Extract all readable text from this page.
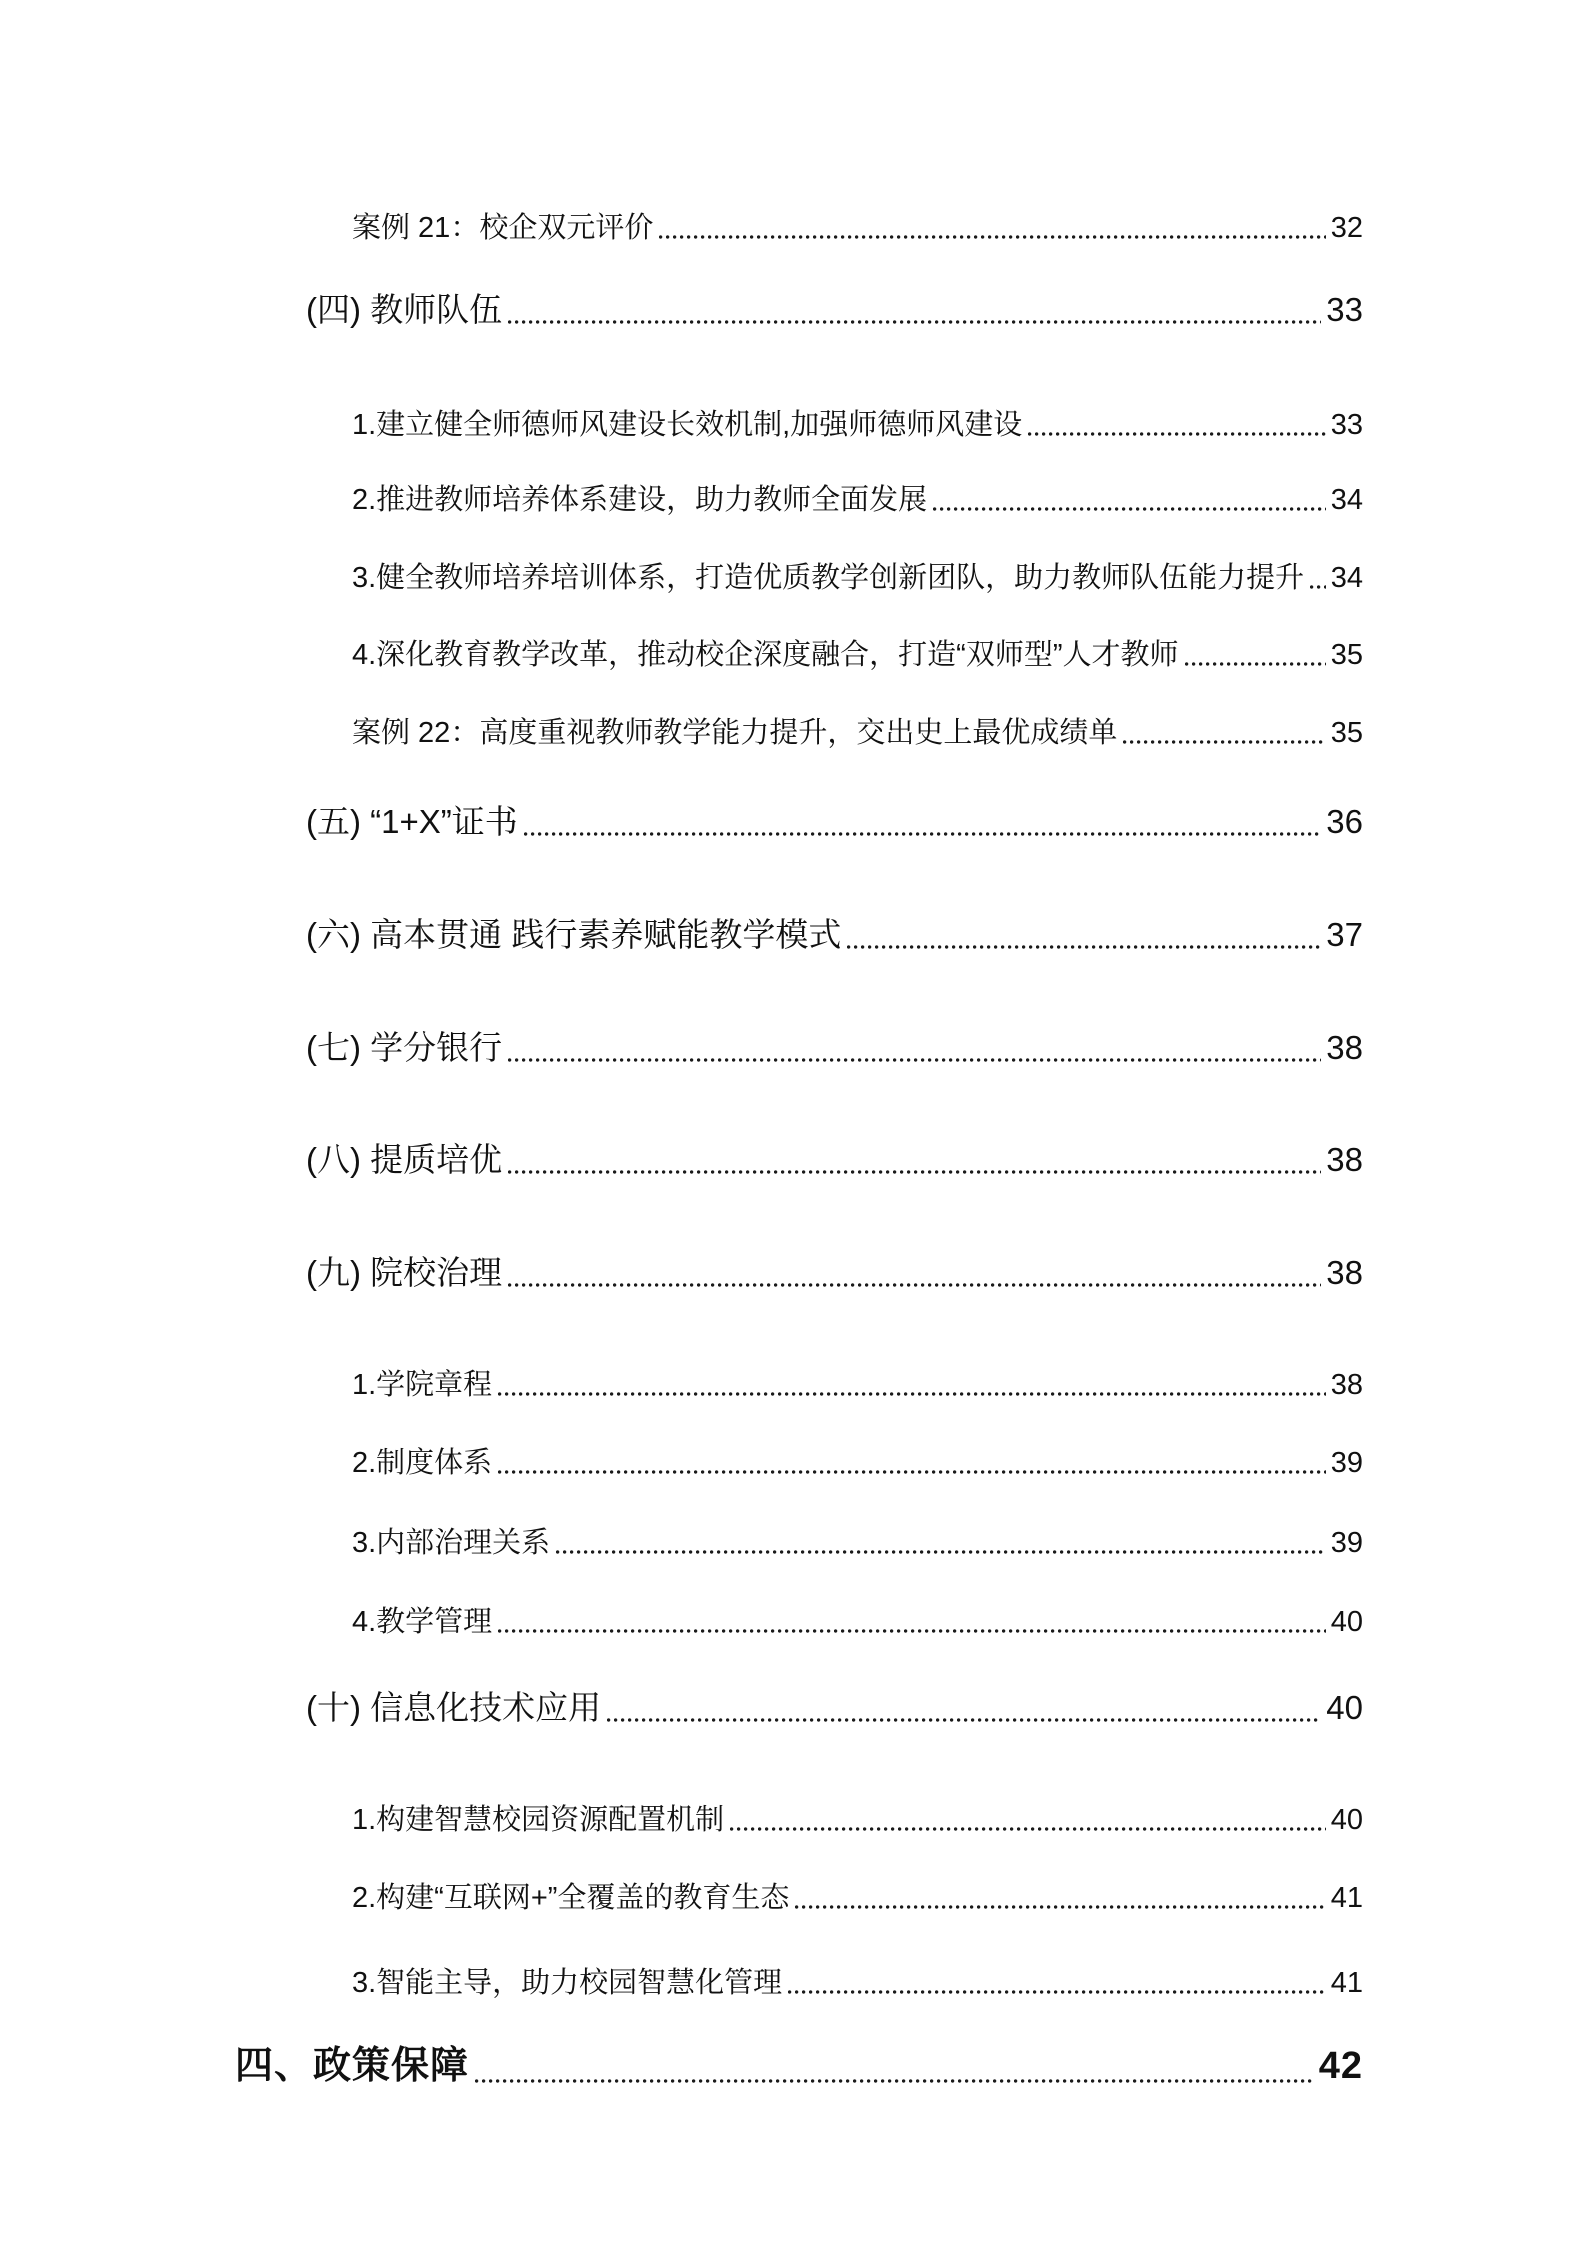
案例 21：校企双元评价	32
(四) 教师队伍	33
1.建立健全师德师风建设长效机制,加强师德师风建设	33
2.推进教师培养体系建设，助力教师全面发展	34
3.健全教师培养培训体系，打造优质教学创新团队，助力教师队伍能力提升 34
4.深化教育教学改革，推动校企深度融合，打造“双师型”人才教师	35
案例 22：高度重视教师教学能力提升，交出史上最优成绩单	35
(五) “1+X”证书	36
(六) 高本贯通 践行素养赋能教学模式	37
(七) 学分银行	38
(八) 提质培优	38
(九) 院校治理	38
1.学院章程	38
2.制度体系	39
3.内部治理关系	39
4.教学管理	40
(十) 信息化技术应用	40
1.构建智慧校园资源配置机制	40
2.构建“互联网+”全覆盖的教育生态	41
3.智能主导，助力校园智慧化管理	41
四、政策保障	42
